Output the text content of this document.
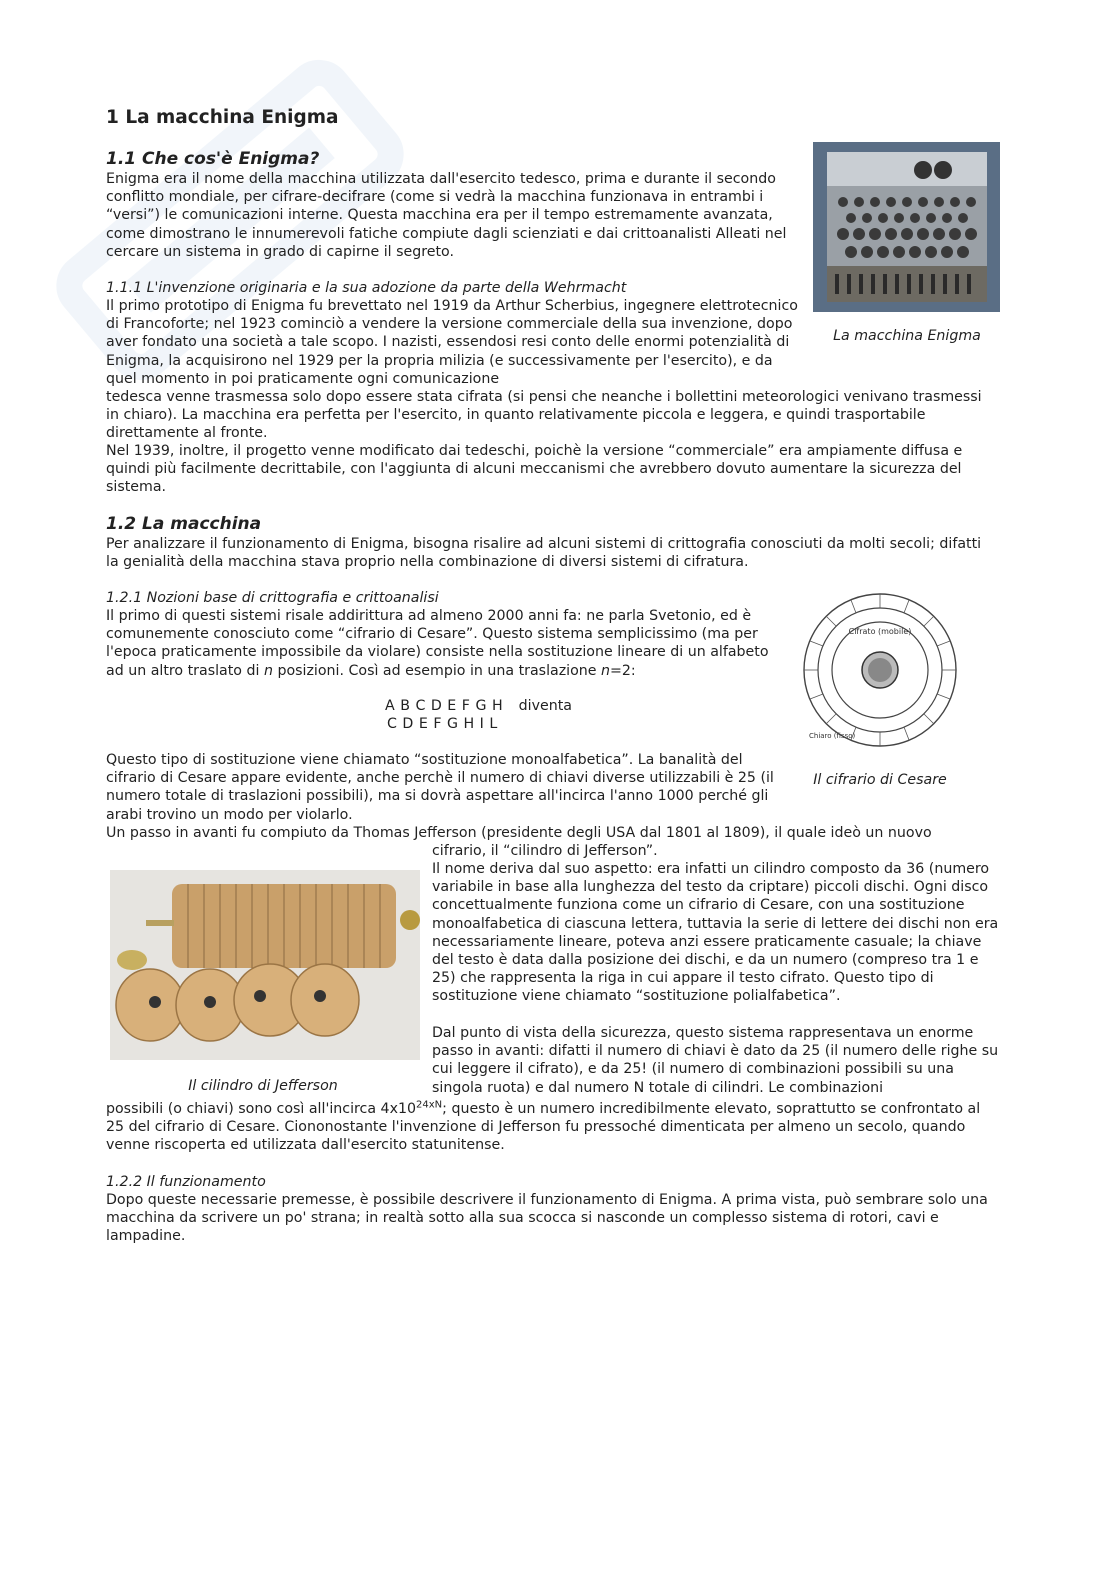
1 La macchina Enigma
1.1 Che cos'è Enigma?

Enigma era il nome della macchina utilizzata dall'esercito tedesco, prima e durante il secondo conflitto mondiale, per cifrare-decifrare (come si vedrà la macchina funzionava in entrambi i “versi”) le comunicazioni interne. Questa macchina era per il tempo estremamente avanzata, come dimostrano le innumerevoli fatiche compiute dagli scienziati e dai crittoanalisti Alleati nel cercare un sistema in grado di capirne il segreto.

La macchina Enigma
1.1.1 L'invenzione originaria e la sua adozione da parte della Wehrmacht

Il primo prototipo di Enigma fu brevettato nel 1919 da Arthur Scherbius, ingegnere elettrotecnico di Francoforte; nel 1923 cominciò a vendere la versione commerciale della sua invenzione, dopo aver fondato una società a tale scopo. I nazisti, essendosi resi conto delle enormi potenzialità di Enigma, la acquisirono nel 1929 per la propria milizia (e successivamente per l'esercito), e da quel momento in poi praticamente ogni comunicazione

tedesca venne trasmessa solo dopo essere stata cifrata (si pensi che neanche i bollettini meteorologici venivano trasmessi in chiaro). La macchina era perfetta per l'esercito, in quanto relativamente piccola e leggera, e quindi trasportabile direttamente al fronte.

Nel 1939, inoltre, il progetto venne modificato dai tedeschi, poichè la versione “commerciale” era ampiamente diffusa e quindi più facilmente decrittabile, con l'aggiunta di alcuni meccanismi che avrebbero dovuto aumentare la sicurezza del sistema.

1.2 La macchina

Per analizzare il funzionamento di Enigma, bisogna risalire ad alcuni sistemi di crittografia conosciuti da molti secoli; difatti la genialità della macchina stava proprio nella combinazione di diversi sistemi di cifratura.

1.2.1 Nozioni base di crittografia e crittoanalisi

Il primo di questi sistemi risale addirittura ad almeno 2000 anni fa: ne parla Svetonio, ed è comunemente conosciuto come “cifrario di Cesare”. Questo sistema semplicissimo (ma per l'epoca praticamente impossibile da violare) consiste nella sostituzione lineare di un alfabeto ad un altro traslato di n posizioni. Così ad esempio in una traslazione n=2:

A B C D E F G H diventa
C D E F G H I L
Cifrato (mobile)
Chiaro (fisso)
Il cifrario di Cesare

Questo tipo di sostituzione viene chiamato “sostituzione monoalfabetica”. La banalità del cifrario di Cesare appare evidente, anche perchè il numero di chiavi diverse utilizzabili è 25 (il numero totale di traslazioni possibili), ma si dovrà aspettare all'incirca l'anno 1000 perché gli arabi trovino un modo per violarlo.

Un passo in avanti fu compiuto da Thomas Jefferson (presidente degli USA dal 1801 al 1809), il quale ideò un nuovo

cifrario, il “cilindro di Jefferson”.

Il nome deriva dal suo aspetto: era infatti un cilindro composto da 36 (numero variabile in base alla lunghezza del testo da criptare) piccoli dischi. Ogni disco concettualmente funziona come un cifrario di Cesare, con una sostituzione monoalfabetica di ciascuna lettera, tuttavia la serie di lettere dei dischi non era necessariamente lineare, poteva anzi essere praticamente casuale; la chiave del testo è data dalla posizione dei dischi, e da un numero (compreso tra 1 e 25) che rappresenta la riga in cui appare il testo cifrato. Questo tipo di sostituzione viene chiamato “sostituzione polialfabetica”.

Dal punto di vista della sicurezza, questo sistema rappresentava un enorme passo in avanti: difatti il numero di chiavi è dato da 25 (il numero delle righe su cui leggere il cifrato), e da 25! (il numero di combinazioni possibili su una singola ruota) e dal numero N totale di cilindri. Le combinazioni

possibili (o chiavi) sono così all'incirca $4x10^{24xN}$; questo è un numero incredibilmente elevato, soprattutto se confrontato al 25 del cifrario di Cesare. Ciononostante l'invenzione di Jefferson fu pressoché dimenticata per almeno un secolo, quando venne riscoperta ed utilizzata dall'esercito statunitense.

Il cilindro di Jefferson
1.2.2 Il funzionamento

Dopo queste necessarie premesse, è possibile descrivere il funzionamento di Enigma. A prima vista, può sembrare solo una macchina da scrivere un po' strana; in realtà sotto alla sua scocca si nasconde un complesso sistema di rotori, cavi e lampadine.
